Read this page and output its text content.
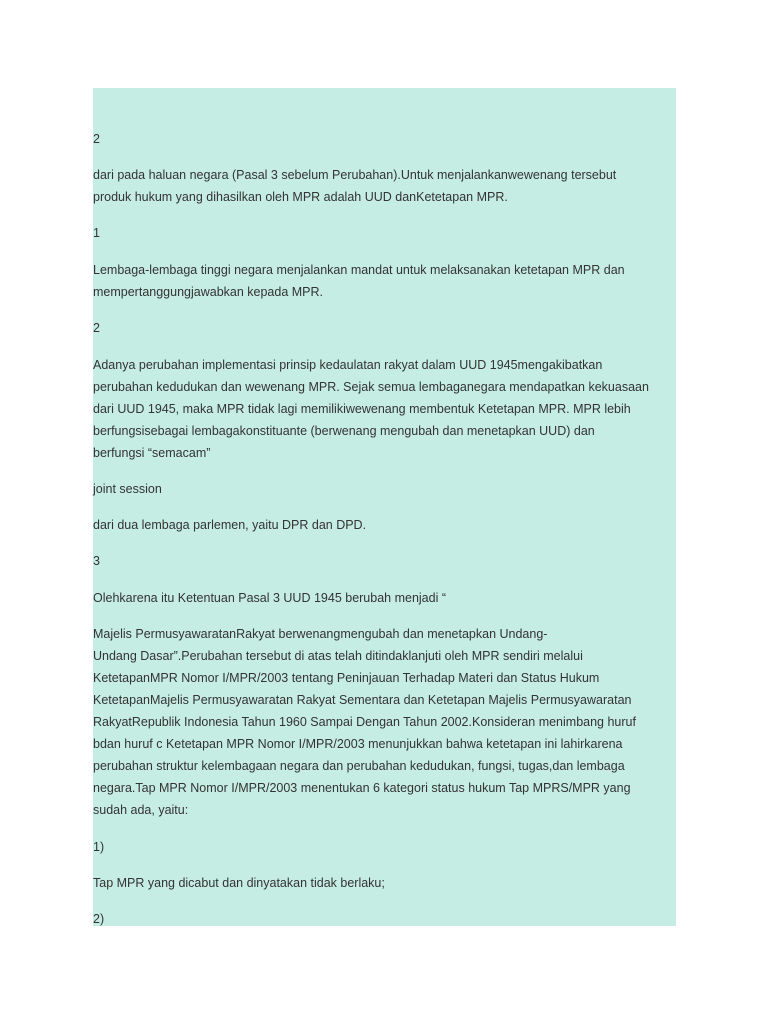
2
dari pada haluan negara (Pasal 3 sebelum Perubahan).Untuk menjalankanwewenang tersebut
produk hukum yang dihasilkan oleh MPR adalah UUD danKetetapan MPR.
1
Lembaga-lembaga tinggi negara menjalankan mandat untuk melaksanakan ketetapan MPR dan
mempertanggungjawabkan kepada MPR.
2
Adanya perubahan implementasi prinsip kedaulatan rakyat dalam UUD 1945mengakibatkan
perubahan kedudukan dan wewenang MPR. Sejak semua lembaganegara mendapatkan kekuasaan
dari UUD 1945, maka MPR tidak lagi memilikiwewenang membentuk Ketetapan MPR. MPR lebih
berfungsisebagai lembagakonstituante (berwenang mengubah dan menetapkan UUD) dan
berfungsi “semacam”
joint session
dari dua lembaga parlemen, yaitu DPR dan DPD.
3
Olehkarena itu Ketentuan Pasal 3 UUD 1945 berubah menjadi “
Majelis PermusyawaratanRakyat berwenangmengubah dan menetapkan Undang-
Undang Dasar”.Perubahan tersebut di atas telah ditindaklanjuti oleh MPR sendiri melalui
KetetapanMPR Nomor I/MPR/2003 tentang Peninjauan Terhadap Materi dan Status Hukum
KetetapanMajelis Permusyawaratan Rakyat Sementara dan Ketetapan Majelis Permusyawaratan
RakyatRepublik Indonesia Tahun 1960 Sampai Dengan Tahun 2002.Konsideran menimbang huruf
bdan huruf c Ketetapan MPR Nomor I/MPR/2003 menunjukkan bahwa ketetapan ini lahirkarena
perubahan struktur kelembagaan negara dan perubahan kedudukan, fungsi, tugas,dan lembaga
negara.Tap MPR Nomor I/MPR/2003 menentukan 6 kategori status hukum Tap MPRS/MPR yang
sudah ada, yaitu:
1)
Tap MPR yang dicabut dan dinyatakan tidak berlaku;
2)
